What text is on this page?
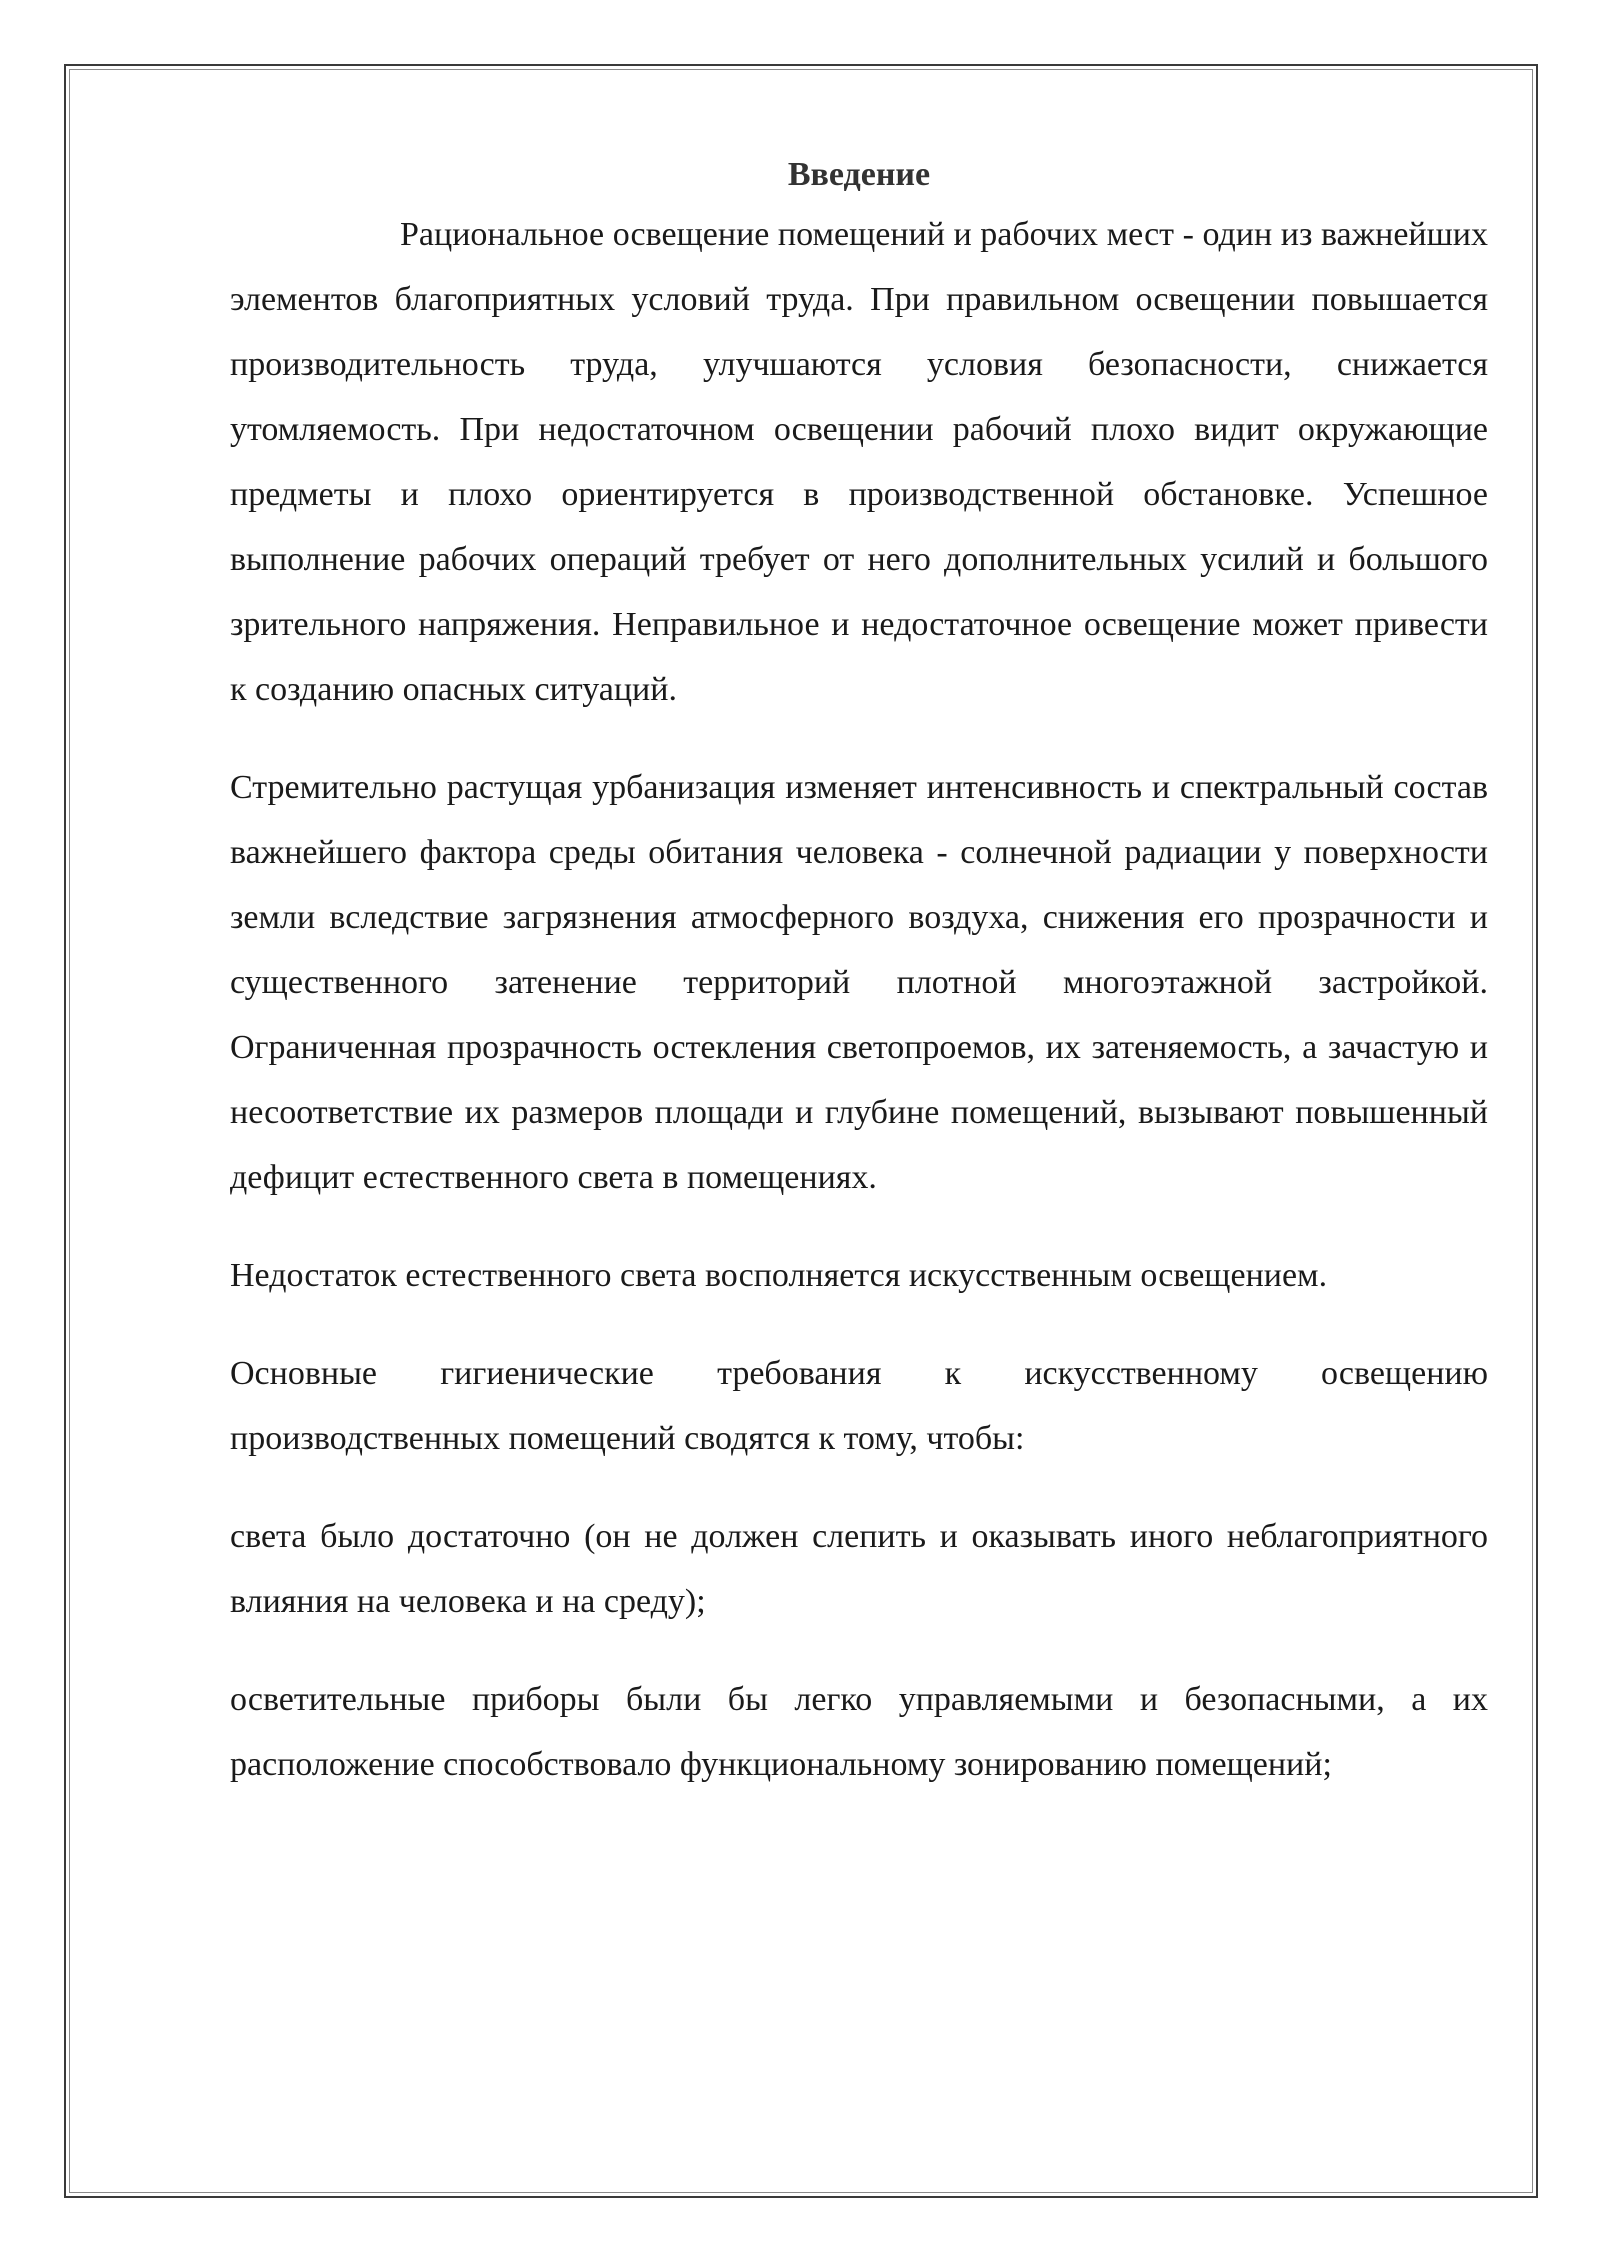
Введение

Рациональное освещение помещений и рабочих мест - один из важнейших элементов благоприятных условий труда. При правильном освещении повышается производительность труда, улучшаются условия безопасности, снижается утомляемость. При недостаточном освещении рабочий плохо видит окружающие предметы и плохо ориентируется в производственной обстановке. Успешное выполнение рабочих операций требует от него дополнительных усилий и большого зрительного напряжения. Неправильное и недостаточное освещение может привести к созданию опасных ситуаций.

Стремительно растущая урбанизация изменяет интенсивность и спектральный состав важнейшего фактора среды обитания человека - солнечной радиации у поверхности земли вследствие загрязнения атмосферного воздуха, снижения его прозрачности и существенного затенение территорий плотной многоэтажной застройкой. Ограниченная прозрачность остекления светопроемов, их затеняемость, а зачастую и несоответствие их размеров площади и глубине помещений, вызывают повышенный дефицит естественного света в помещениях.

Недостаток естественного света восполняется искусственным освещением.

Основные гигиенические требования к искусственному освещению производственных помещений сводятся к тому, чтобы:

света было достаточно (он не должен слепить и оказывать иного неблагоприятного влияния на человека и на среду);

осветительные приборы были бы легко управляемыми и безопасными, а их расположение способствовало функциональному зонированию помещений;
